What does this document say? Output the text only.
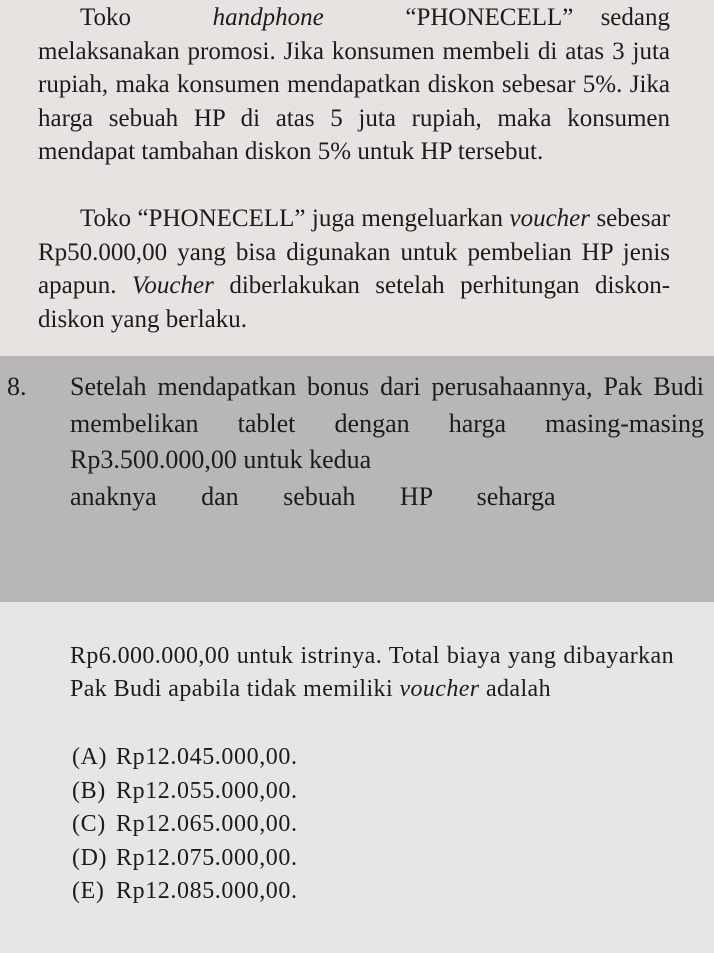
Toko	handphone	“PHONECELL” sedang melaksanakan promosi. Jika konsumen membeli di atas 3 juta rupiah, maka konsumen mendapatkan diskon sebesar 5%. Jika harga sebuah HP di atas 5 juta rupiah, maka konsumen mendapat tambahan diskon 5% untuk HP tersebut.

Toko “PHONECELL” juga mengeluarkan voucher sebesar Rp50.000,00 yang bisa digunakan untuk pembelian HP jenis apapun. Voucher diberlakukan setelah perhitungan diskon-diskon yang berlaku.

8. Setelah mendapatkan bonus dari perusahaannya, Pak Budi membelikan tablet dengan harga masing-masing Rp3.500.000,00 untuk kedua
anaknya dan sebuah HP seharga

Rp6.000.000,00 untuk istrinya. Total biaya yang dibayarkan Pak Budi apabila tidak memiliki voucher adalah

(A) Rp12.045.000,00.
(B) Rp12.055.000,00.
(C) Rp12.065.000,00.
(D) Rp12.075.000,00.
(E) Rp12.085.000,00.
